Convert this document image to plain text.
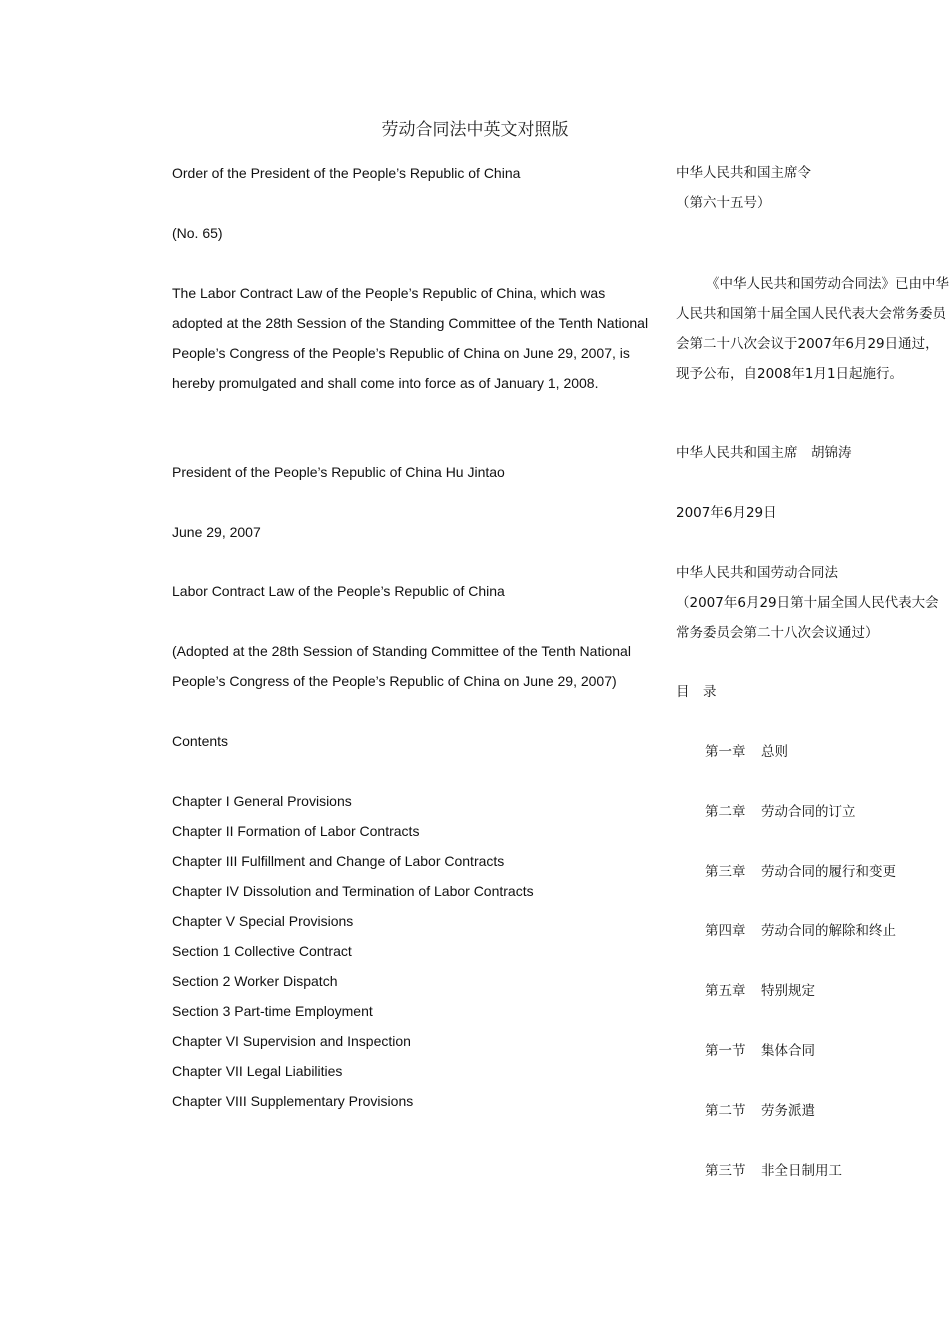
劳动合同法中英文对照版
Order of the President of the People’s Republic of China
(No. 65)
The Labor Contract Law of the People’s Republic of China, which was adopted at the 28th Session of the Standing Committee of the Tenth National People’s Congress of the People’s Republic of China on June 29, 2007, is hereby promulgated and shall come into force as of January 1, 2008.
President of the People’s Republic of China Hu Jintao
June 29, 2007
Labor Contract Law of the People’s Republic of China
(Adopted at the 28th Session of Standing Committee of the Tenth National People’s Congress of the People’s Republic of China on June 29, 2007)
Contents

Chapter I General Provisions

Chapter II Formation of Labor Contracts

Chapter III Fulfillment and Change of Labor Contracts

Chapter IV Dissolution and Termination of Labor Contracts

Chapter V Special Provisions

Section 1 Collective Contract

Section 2 Worker Dispatch

Section 3 Part-time Employment

Chapter VI Supervision and Inspection

Chapter VII Legal Liabilities

Chapter VIII Supplementary Provisions

中华人民共和国主席令
（第六十五号）
《中华人民共和国劳动合同法》已由中华人民共和国第十届全国人民代表大会常务委员会第二十八次会议于2007年6月29日通过，现予公布，自2008年1月1日起施行。
中华人民共和国主席　胡锦涛
2007年6月29日
中华人民共和国劳动合同法
（2007年6月29日第十届全国人民代表大会常务委员会第二十八次会议通过）
目　录
第一章 总则
第二章 劳动合同的订立
第三章 劳动合同的履行和变更
第四章 劳动合同的解除和终止
第五章 特别规定
第一节 集体合同
第二节 劳务派遣
第三节 非全日制用工
